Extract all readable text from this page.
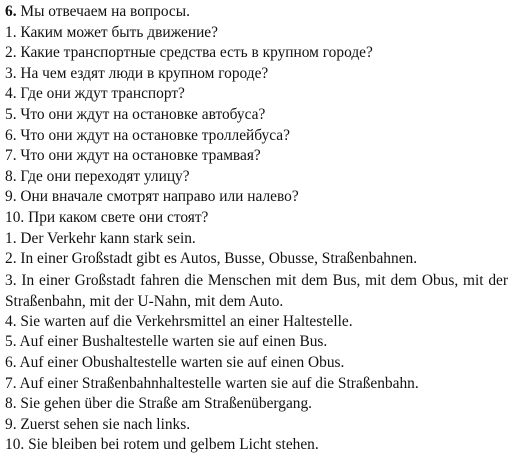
6. Мы отвечаем на вопросы.

1. Каким может быть движение?

2. Какие транспортные средства есть в крупном городе?

3. На чем ездят люди в крупном городе?

4. Где они ждут транспорт?

5. Что они ждут на остановке автобуса?

6. Что они ждут на остановке троллейбуса?

7. Что они ждут на остановке трамвая?

8. Где они переходят улицу?

9. Они вначале смотрят направо или налево?

10. При каком свете они стоят?

1. Der Verkehr kann stark sein.

2. In einer Großstadt gibt es Autos, Busse, Obusse, Straßenbahnen.

3. In einer Großstadt fahren die Menschen mit dem Bus, mit dem Obus, mit der Straßenbahn, mit der U-Nahn, mit dem Auto.

4. Sie warten auf die Verkehrsmittel an einer Haltestelle.

5. Auf einer Bushaltestelle warten sie auf einen Bus.

6. Auf einer Obushaltestelle warten sie auf einen Obus.

7. Auf einer Straßenbahnhaltestelle warten sie auf die Straßenbahn.

8. Sie gehen über die Straße am Straßenübergang.

9. Zuerst sehen sie nach links.

10. Sie bleiben bei rotem und gelbem Licht stehen.
